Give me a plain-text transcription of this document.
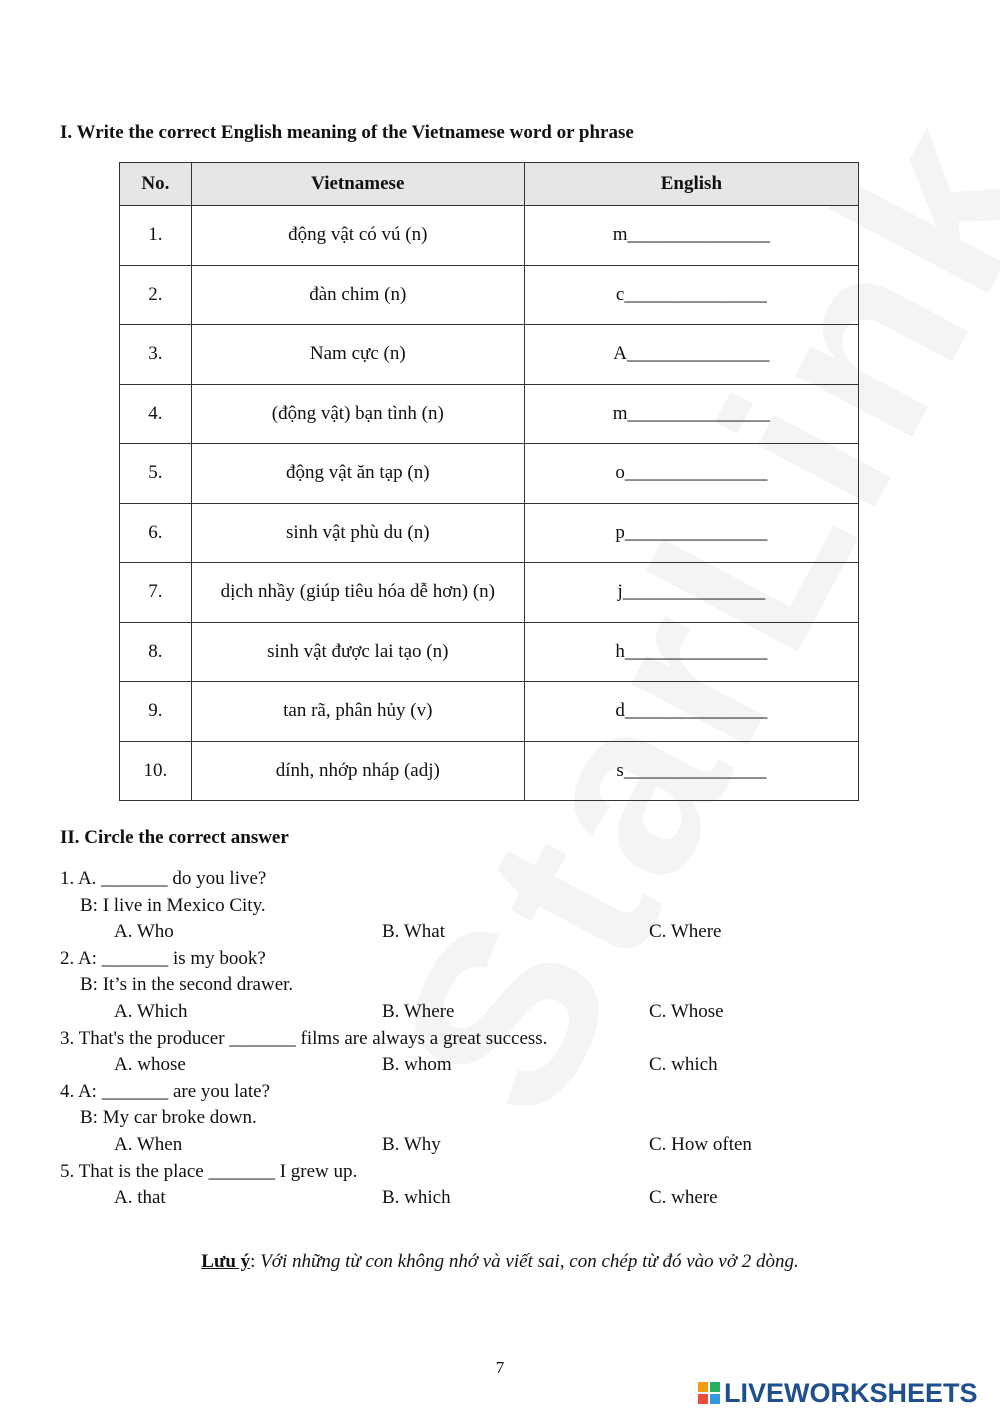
I. Write the correct English meaning of the Vietnamese word or phrase
No.	Vietnamese	English
1.	động vật có vú (n)	m_______________
2.	đàn chim (n)	c_______________
3.	Nam cực (n)	A_______________
4.	(động vật) bạn tình (n)	m_______________
5.	động vật ăn tạp (n)	o_______________
6.	sinh vật phù du (n)	p_______________
7.	dịch nhầy (giúp tiêu hóa dễ hơn) (n)	j_______________
8.	sinh vật được lai tạo (n)	h_______________
9.	tan rã, phân hủy (v)	d_______________
10.	dính, nhớp nháp (adj)	s_______________
II. Circle the correct answer
1. A. _______ do you live?
B: I live in Mexico City.
A. Who	B. What	C. Where
2. A: _______ is my book?
B: It’s in the second drawer.
A. Which	B. Where	C. Whose
3. That's the producer _______ films are always a great success.
A. whose	B. whom	C. which
4. A: _______ are you late?
B: My car broke down.
A. When	B. Why	C. How often
5. That is the place _______ I grew up.
A. that	B. which	C. where
Lưu ý: Với những từ con không nhớ và viết sai, con chép từ đó vào vở 2 dòng.
7
LIVEWORKSHEETS
